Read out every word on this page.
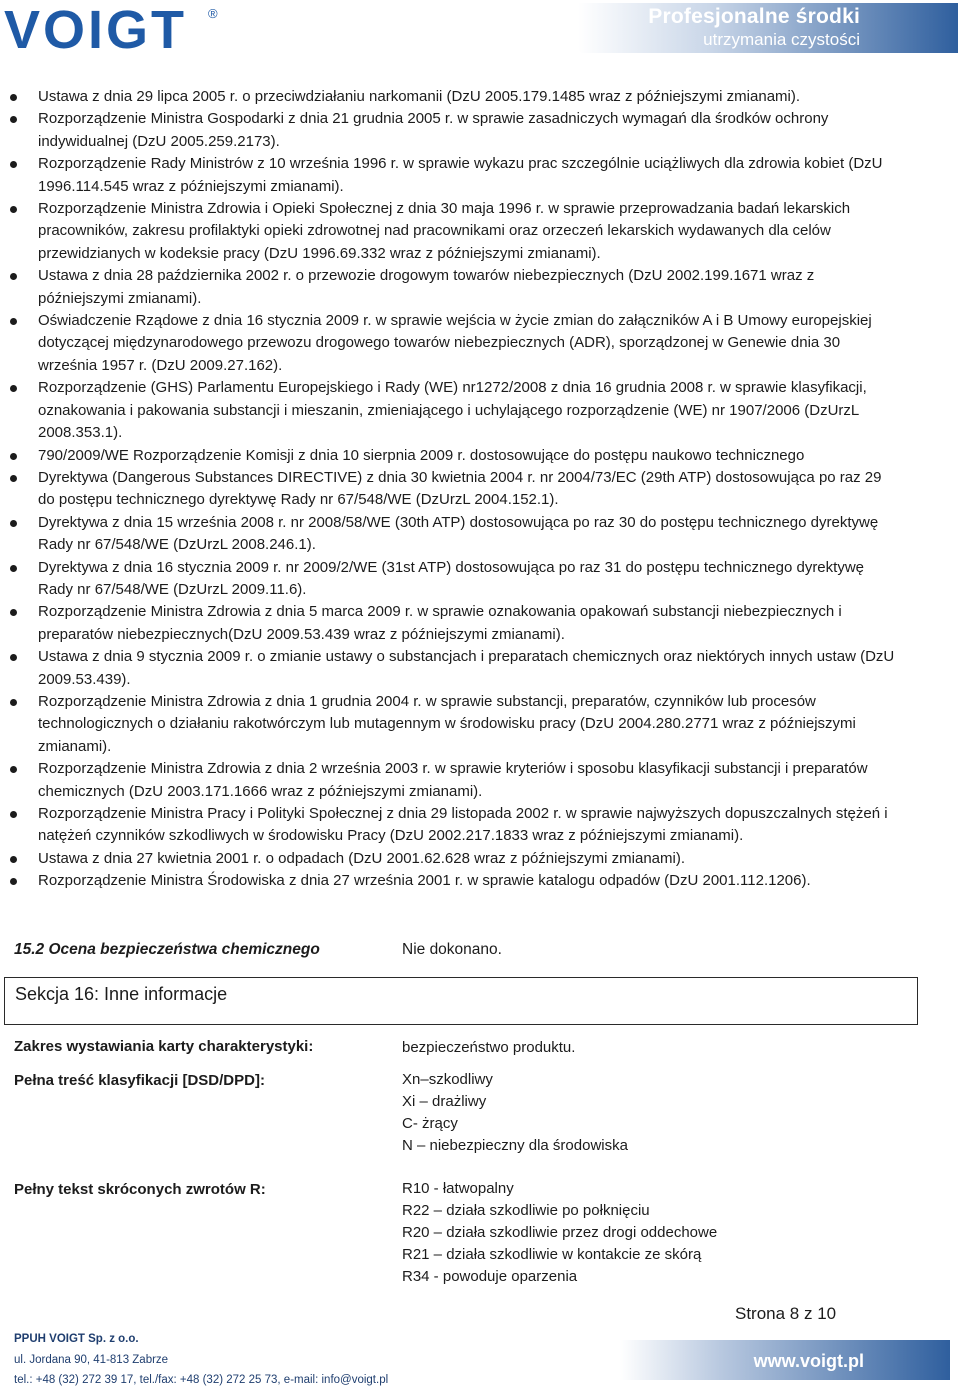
VOIGT ®	Profesjonalne środki
utrzymania czystości
Ustawa z dnia 29 lipca 2005 r. o przeciwdziałaniu narkomanii (DzU 2005.179.1485 wraz z późniejszymi zmianami).
Rozporządzenie Ministra Gospodarki z dnia 21 grudnia 2005 r. w sprawie zasadniczych wymagań dla środków ochrony indywidualnej (DzU 2005.259.2173).
Rozporządzenie Rady Ministrów z 10 września 1996 r. w sprawie wykazu prac szczególnie uciążliwych dla zdrowia kobiet (DzU 1996.114.545 wraz z późniejszymi zmianami).
Rozporządzenie Ministra Zdrowia i Opieki Społecznej z dnia 30 maja 1996 r. w sprawie przeprowadzania badań lekarskich pracowników, zakresu profilaktyki opieki zdrowotnej nad pracownikami oraz orzeczeń lekarskich wydawanych dla celów przewidzianych w kodeksie pracy (DzU 1996.69.332 wraz z późniejszymi zmianami).
Ustawa z dnia 28 października 2002 r. o przewozie drogowym towarów niebezpiecznych (DzU 2002.199.1671 wraz z późniejszymi zmianami).
Oświadczenie Rządowe z dnia 16 stycznia 2009 r. w sprawie wejścia w życie zmian do załączników A i B Umowy europejskiej dotyczącej międzynarodowego przewozu drogowego towarów niebezpiecznych (ADR), sporządzonej w Genewie dnia 30 września 1957 r. (DzU 2009.27.162).
Rozporządzenie (GHS) Parlamentu Europejskiego i Rady (WE) nr1272/2008 z dnia 16 grudnia 2008 r. w sprawie klasyfikacji, oznakowania i pakowania substancji i mieszanin, zmieniającego i uchylającego rozporządzenie (WE) nr 1907/2006 (DzUrzL 2008.353.1).
790/2009/WE Rozporządzenie Komisji z dnia 10 sierpnia 2009 r. dostosowujące do postępu naukowo technicznego
Dyrektywa (Dangerous Substances DIRECTIVE) z dnia 30 kwietnia 2004 r. nr 2004/73/EC (29th ATP) dostosowująca po raz 29 do postępu technicznego dyrektywę Rady nr 67/548/WE (DzUrzL 2004.152.1).
Dyrektywa z dnia 15 września 2008 r. nr 2008/58/WE (30th ATP) dostosowująca po raz 30 do postępu technicznego dyrektywę Rady nr 67/548/WE (DzUrzL 2008.246.1).
Dyrektywa z dnia 16 stycznia 2009 r. nr 2009/2/WE (31st ATP) dostosowująca po raz 31 do postępu technicznego dyrektywę Rady nr 67/548/WE (DzUrzL 2009.11.6).
Rozporządzenie Ministra Zdrowia z dnia 5 marca 2009 r. w sprawie oznakowania opakowań substancji niebezpiecznych i preparatów niebezpiecznych(DzU 2009.53.439 wraz z późniejszymi zmianami).
Ustawa z dnia 9 stycznia 2009 r. o zmianie ustawy o substancjach i preparatach chemicznych oraz niektórych innych ustaw (DzU 2009.53.439).
Rozporządzenie Ministra Zdrowia z dnia 1 grudnia 2004 r. w sprawie substancji, preparatów, czynników lub procesów technologicznych o działaniu rakotwórczym lub mutagennym w środowisku pracy (DzU 2004.280.2771 wraz z późniejszymi zmianami).
Rozporządzenie Ministra Zdrowia z dnia 2 września 2003 r. w sprawie kryteriów i sposobu klasyfikacji substancji i preparatów chemicznych (DzU 2003.171.1666 wraz z późniejszymi zmianami).
Rozporządzenie Ministra Pracy i Polityki Społecznej z dnia 29 listopada 2002 r. w sprawie najwyższych dopuszczalnych stężeń i natężeń czynników szkodliwych w środowisku Pracy (DzU 2002.217.1833 wraz z późniejszymi zmianami).
Ustawa z dnia 27 kwietnia 2001 r. o odpadach (DzU 2001.62.628 wraz z późniejszymi zmianami).
Rozporządzenie Ministra Środowiska z dnia 27 września 2001 r. w sprawie katalogu odpadów (DzU 2001.112.1206).
15.2 Ocena bezpieczeństwa chemicznego	Nie dokonano.
Sekcja 16: Inne informacje
Zakres wystawiania karty charakterystyki:	bezpieczeństwo produktu.
Pełna treść klasyfikacji [DSD/DPD]:	Xn–szkodliwy
Xi – drażliwy
C- żrący
N – niebezpieczny dla środowiska
Pełny tekst skróconych zwrotów R:	R10 - łatwopalny
R22 – działa szkodliwie po połknięciu
R20 – działa szkodliwie przez drogi oddechowe
R21 – działa szkodliwie w kontakcie ze skórą
R34 - powoduje oparzenia
Strona 8 z 10
PPUH VOIGT Sp. z o.o.
ul. Jordana 90, 41-813 Zabrze
tel.: +48 (32) 272 39 17, tel./fax: +48 (32) 272 25 73, e-mail: info@voigt.pl
www.voigt.pl
